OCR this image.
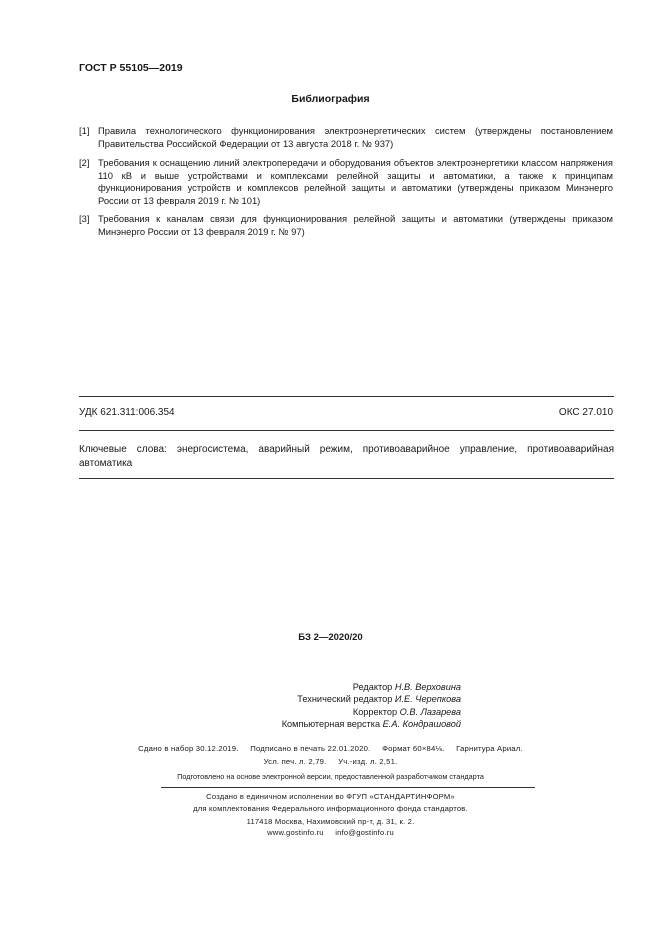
ГОСТ Р 55105—2019
Библиография
[1] Правила технологического функционирования электроэнергетических систем (утверждены постановлением Правительства Российской Федерации от 13 августа 2018 г. № 937)
[2] Требования к оснащению линий электропередачи и оборудования объектов электроэнергетики классом напряжения 110 кВ и выше устройствами и комплексами релейной защиты и автоматики, а также к принципам функционирования устройств и комплексов релейной защиты и автоматики (утверждены приказом Минэнерго России от 13 февраля 2019 г. № 101)
[3] Требования к каналам связи для функционирования релейной защиты и автоматики (утверждены приказом Минэнерго России от 13 февраля 2019 г. № 97)
УДК 621.311:006.354	ОКС 27.010
Ключевые слова: энергосистема, аварийный режим, противоаварийное управление, противоаварийная автоматика
БЗ 2—2020/20
Редактор Н.В. Верховина
Технический редактор И.Е. Черепкова
Корректор О.В. Лазарева
Компьютерная верстка Е.А. Кондрашовой
Сдано в набор 30.12.2019.     Подписано в печать 22.01.2020.     Формат 60×84⅛.     Гарнитура Ариал.
Усл. печ. л. 2,79.     Уч.-изд. л. 2,51.
Подготовлено на основе электронной версии, предоставленной разработчиком стандарта
Создано в единичном исполнении во ФГУП «СТАНДАРТИНФОРМ»
для комплектования Федерального информационного фонда стандартов.
117418 Москва, Нахимовский пр-т, д. 31, к. 2.
www.gostinfo.ru     info@gostinfo.ru
